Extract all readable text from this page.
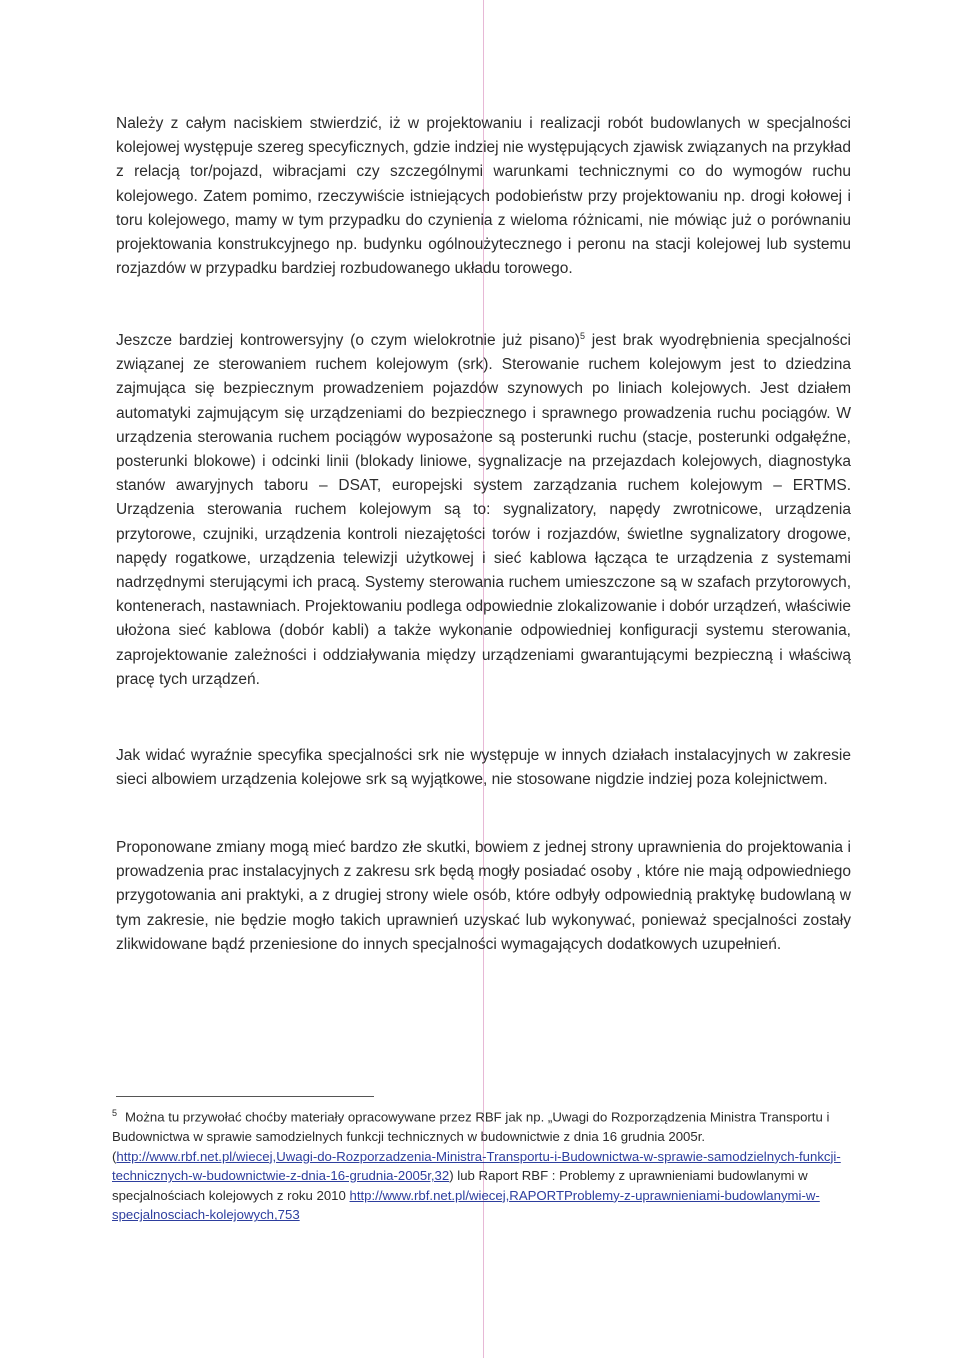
Należy z całym naciskiem stwierdzić, iż w projektowaniu i realizacji robót budowlanych w specjalności kolejowej występuje szereg specyficznych, gdzie indziej nie występujących zjawisk związanych na przykład z relacją tor/pojazd, wibracjami czy szczególnymi warunkami technicznymi co do wymogów ruchu kolejowego. Zatem pomimo, rzeczywiście istniejących podobieństw przy projektowaniu np. drogi kołowej i toru kolejowego, mamy w tym przypadku do czynienia z wieloma różnicami, nie mówiąc już o porównaniu projektowania konstrukcyjnego np. budynku ogólnoużytecznego i peronu na stacji kolejowej lub systemu rozjazdów w przypadku bardziej rozbudowanego układu torowego.

Jeszcze bardziej kontrowersyjny (o czym wielokrotnie już pisano)$^5$ jest brak wyodrębnienia specjalności związanej ze sterowaniem ruchem kolejowym (srk). Sterowanie ruchem kolejowym jest to dziedzina zajmująca się bezpiecznym prowadzeniem pojazdów szynowych po liniach kolejowych. Jest działem automatyki zajmującym się urządzeniami do bezpiecznego i sprawnego prowadzenia ruchu pociągów. W urządzenia sterowania ruchem pociągów wyposażone są posterunki ruchu (stacje, posterunki odgałęźne, posterunki blokowe) i odcinki linii (blokady liniowe, sygnalizacje na przejazdach kolejowych, diagnostyka stanów awaryjnych taboru – DSAT, europejski system zarządzania ruchem kolejowym – ERTMS. Urządzenia sterowania ruchem kolejowym są to: sygnalizatory, napędy zwrotnicowe, urządzenia przytorowe, czujniki, urządzenia kontroli niezajętości torów i rozjazdów, świetlne sygnalizatory drogowe, napędy rogatkowe, urządzenia telewizji użytkowej i sieć kablowa łącząca te urządzenia z systemami nadrzędnymi sterującymi ich pracą. Systemy sterowania ruchem umieszczone są w szafach przytorowych, kontenerach, nastawniach. Projektowaniu podlega odpowiednie zlokalizowanie i dobór urządzeń, właściwie ułożona sieć kablowa (dobór kabli) a także wykonanie odpowiedniej konfiguracji systemu sterowania, zaprojektowanie zależności i oddziaływania między urządzeniami gwarantującymi bezpieczną i właściwą pracę tych urządzeń.

Jak widać wyraźnie specyfika specjalności srk nie występuje w innych działach instalacyjnych w zakresie sieci albowiem urządzenia kolejowe srk są wyjątkowe, nie stosowane nigdzie indziej poza kolejnictwem.

Proponowane zmiany mogą mieć bardzo złe skutki, bowiem z jednej strony uprawnienia do projektowania i prowadzenia prac instalacyjnych z zakresu srk będą mogły posiadać osoby , które nie mają odpowiedniego przygotowania ani praktyki, a z drugiej strony wiele osób, które odbyły odpowiednią praktykę budowlaną w tym zakresie, nie będzie mogło takich uprawnień uzyskać lub wykonywać, ponieważ specjalności zostały zlikwidowane bądź przeniesione do innych specjalności wymagających dodatkowych uzupełnień.

$^5$ Można tu przywołać choćby materiały opracowywane przez RBF jak np. „Uwagi do Rozporządzenia Ministra Transportu i Budownictwa w sprawie samodzielnych funkcji technicznych w budownictwie z dnia 16 grudnia 2005r. (http://www.rbf.net.pl/wiecej,Uwagi-do-Rozporzadzenia-Ministra-Transportu-i-Budownictwa-w-sprawie-samodzielnych-funkcji-technicznych-w-budownictwie-z-dnia-16-grudnia-2005r,32) lub Raport RBF : Problemy z uprawnieniami budowlanymi w specjalnościach kolejowych z roku 2010 http://www.rbf.net.pl/wiecej,RAPORTProblemy-z-uprawnieniami-budowlanymi-w-specjalnosciach-kolejowych,753
